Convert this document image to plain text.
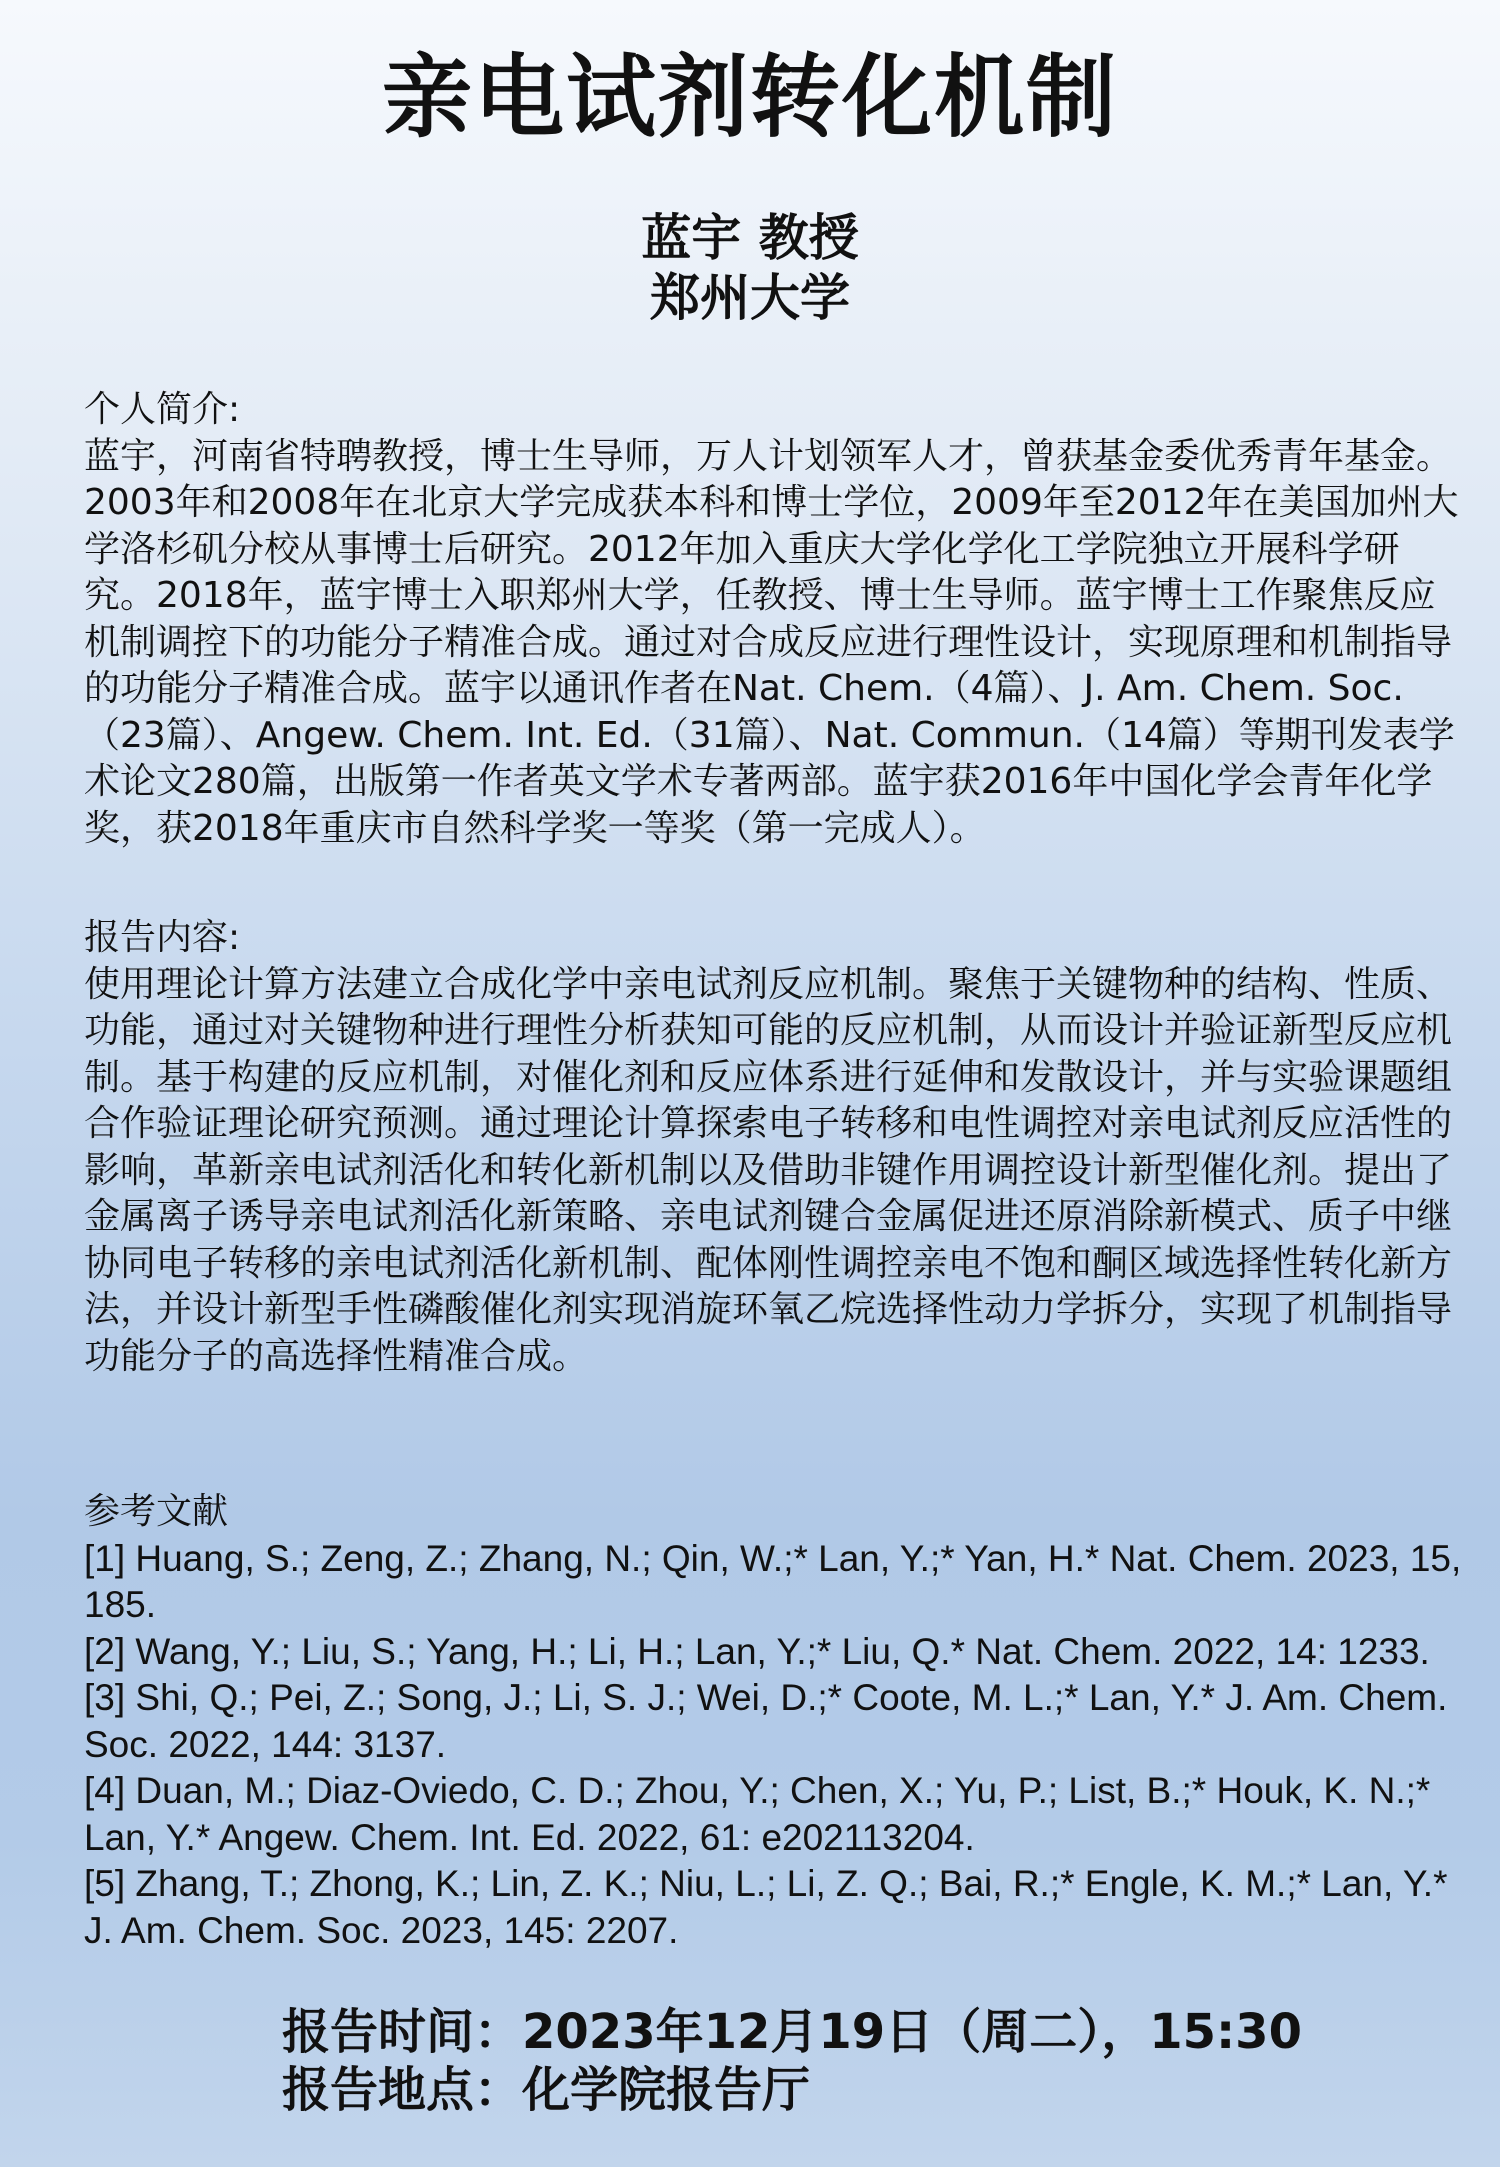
亲电试剂转化机制
蓝宇 教授
郑州大学

个人简介:

蓝宇，河南省特聘教授，博士生导师，万人计划领军人才，曾获基金委优秀青年基金。2003年和2008年在北京大学完成获本科和博士学位，2009年至2012年在美国加州大学洛杉矶分校从事博士后研究。2012年加入重庆大学化学化工学院独立开展科学研究。2018年，蓝宇博士入职郑州大学，任教授、博士生导师。蓝宇博士工作聚焦反应机制调控下的功能分子精准合成。通过对合成反应进行理性设计，实现原理和机制指导的功能分子精准合成。蓝宇以通讯作者在Nat. Chem.（4篇）、J. Am. Chem. Soc.（23篇）、Angew. Chem. Int. Ed.（31篇）、Nat. Commun.（14篇）等期刊发表学术论文280篇，出版第一作者英文学术专著两部。蓝宇获2016年中国化学会青年化学奖，获2018年重庆市自然科学奖一等奖（第一完成人）。

报告内容:

使用理论计算方法建立合成化学中亲电试剂反应机制。聚焦于关键物种的结构、性质、功能，通过对关键物种进行理性分析获知可能的反应机制，从而设计并验证新型反应机制。基于构建的反应机制，对催化剂和反应体系进行延伸和发散设计，并与实验课题组合作验证理论研究预测。通过理论计算探索电子转移和电性调控对亲电试剂反应活性的影响，革新亲电试剂活化和转化新机制以及借助非键作用调控设计新型催化剂。提出了金属离子诱导亲电试剂活化新策略、亲电试剂键合金属促进还原消除新模式、质子中继协同电子转移的亲电试剂活化新机制、配体刚性调控亲电不饱和酮区域选择性转化新方法，并设计新型手性磷酸催化剂实现消旋环氧乙烷选择性动力学拆分，实现了机制指导功能分子的高选择性精准合成。

参考文献

[1] Huang, S.; Zeng, Z.; Zhang, N.; Qin, W.;* Lan, Y.;* Yan, H.* Nat. Chem. 2023, 15, 185.

[2] Wang, Y.; Liu, S.; Yang, H.; Li, H.; Lan, Y.;* Liu, Q.* Nat. Chem. 2022, 14: 1233.

[3] Shi, Q.; Pei, Z.; Song, J.; Li, S. J.; Wei, D.;* Coote, M. L.;* Lan, Y.* J. Am. Chem. Soc. 2022, 144: 3137.

[4] Duan, M.; Diaz-Oviedo, C. D.; Zhou, Y.; Chen, X.; Yu, P.; List, B.;* Houk, K. N.;* Lan, Y.* Angew. Chem. Int. Ed. 2022, 61: e202113204.

[5] Zhang, T.; Zhong, K.; Lin, Z. K.; Niu, L.; Li, Z. Q.; Bai, R.;* Engle, K. M.;* Lan, Y.* J. Am. Chem. Soc. 2023, 145: 2207.

报告时间：2023年12月19日（周二），15:30
报告地点：化学院报告厅
